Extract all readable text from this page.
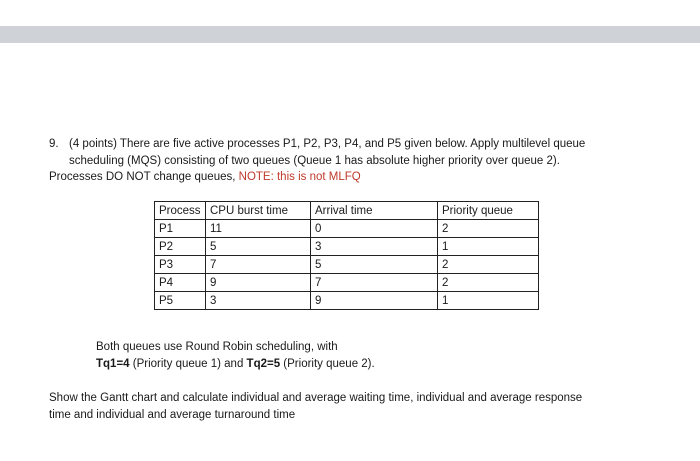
9. (4 points) There are five active processes P1, P2, P3, P4, and P5 given below. Apply multilevel queue
scheduling (MQS) consisting of two queues (Queue 1 has absolute higher priority over queue 2).
Processes DO NOT change queues, NOTE: this is not MLFQ
Process	CPU burst time	Arrival time	Priority queue
P1	11	0	2
P2	5	3	1
P3	7	5	2
P4	9	7	2
P5	3	9	1
Both queues use Round Robin scheduling, with
Tq1=4 (Priority queue 1) and Tq2=5 (Priority queue 2).
Show the Gantt chart and calculate individual and average waiting time, individual and average response
time and individual and average turnaround time
